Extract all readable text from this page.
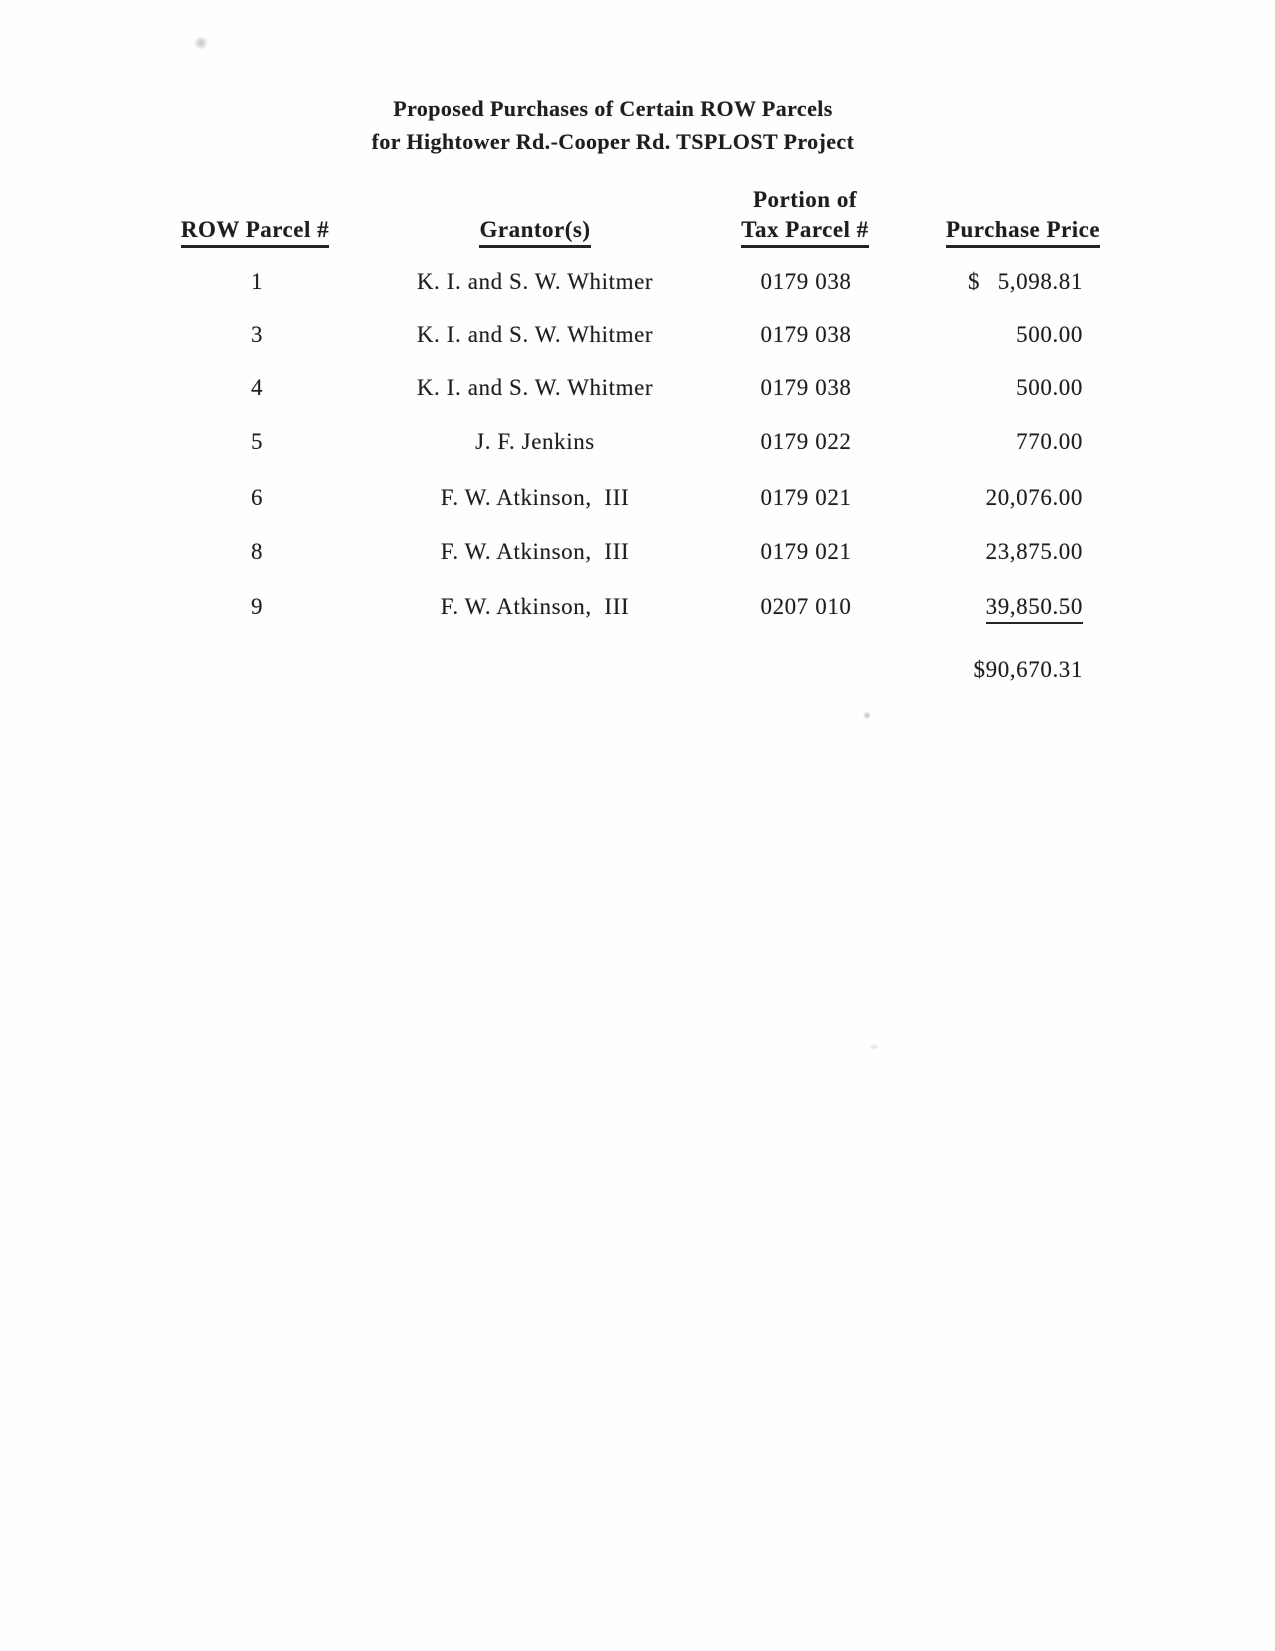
Proposed Purchases of Certain ROW Parcels
for Hightower Rd.-Cooper Rd. TSPLOST Project
Portion of
ROW Parcel #	Grantor(s)	Tax Parcel #	Purchase Price
1	K. I. and S. W. Whitmer	0179 038	$ 5,098.81
3	K. I. and S. W. Whitmer	0179 038	500.00
4	K. I. and S. W. Whitmer	0179 038	500.00
5	J. F. Jenkins	0179 022	770.00
6	F. W. Atkinson,  III	0179 021	20,076.00
8	F. W. Atkinson,  III	0179 021	23,875.00
9	F. W. Atkinson,  III	0207 010	39,850.50
$90,670.31
